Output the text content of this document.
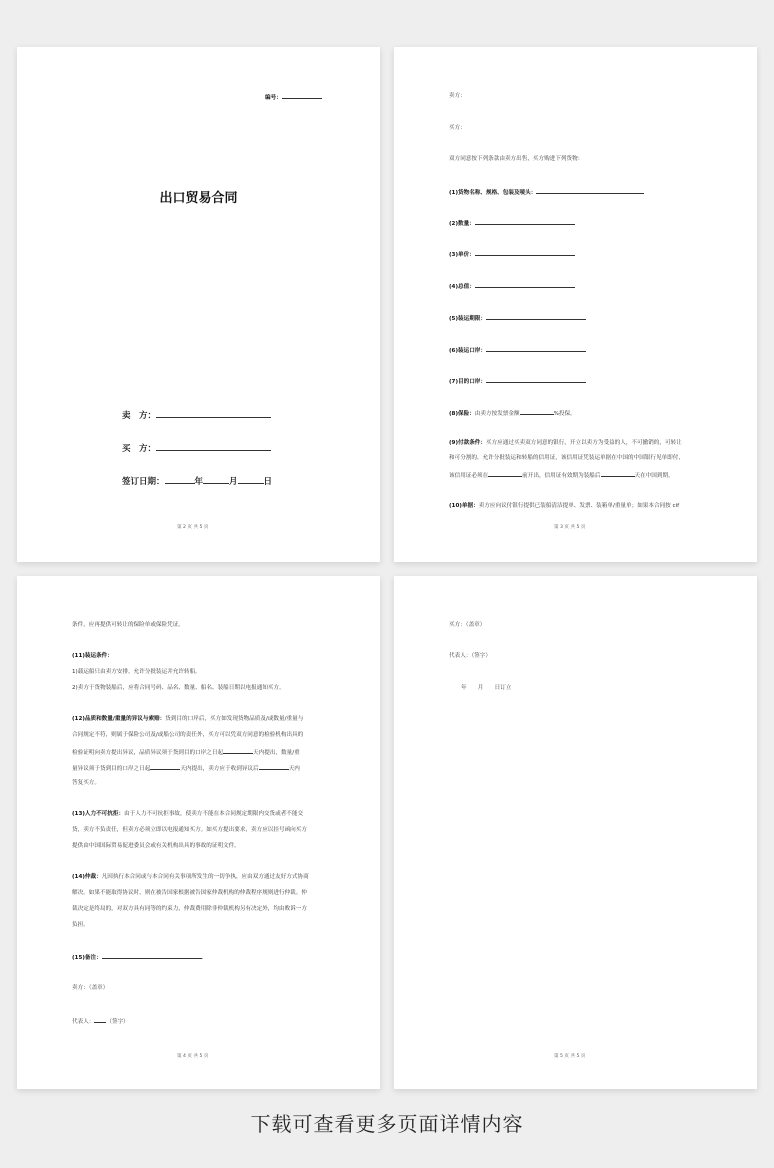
编号：
出口贸易合同
卖　方：
买　方：
签订日期：	年	月	日
第 2 页 共 5 页
卖方：
买方：
双方同意按下列条款由卖方出售，买方购进下列货物：
(1)货物名称、规格、包装及唛头：
(2)数量：
(3)单价：
(4)总值：
(5)装运期限：
(6)装运口岸：
(7)目的口岸：
(8)保险：由卖方按发票金额	%投保。
(9)付款条件：买方应通过买卖双方同意的银行，开立以卖方为受益的人，不可撤销的，可转让
和可分割的，允许分批装运和转船的信用证，该信用证凭装运单据在中国的中国银行见单即付，
该信用证必须在	前开出，信用证有效期为装船后	天在中国到期。
(10)单据：卖方应向议付银行提供已装船清洁提单、发票、装箱单/重量单；如果本合同按 cif
第 3 页 共 5 页
条件，应再提供可转让的保险单或保险凭证。
(11)装运条件：
1)载运船只由卖方安排，允许分批装运并允许转船。
2)卖方于货物装船后，应将合同号码、品名、数量、船名、装船日期以电报通知买方。
(12)品质和数量/重量的异议与索赔：货到目的口岸后，买方如发现货物品质及/或数量/重量与
合同规定不符，则属于保险公司及/或船公司的责任外，买方可以凭双方同意的检验机构出具的
检验证明向卖方提出异议，品质异议须于货到目的口岸之日起	天内提出，数量/重
量异议须于货到目的口岸之日起	天内提出，卖方应于收到异议后	天内
答复买方。
(13)人力不可抗拒：由于人力不可抗拒事故，使卖方不能在本合同规定期限内交货或者不能交
货，卖方不负责任，但卖方必须立即以电报通知买方。如买方提出要求，卖方应以挂号函向买方
提供由中国国际贸易促进委员会或有关机构出具的事故的证明文件。
(14)仲裁：凡因执行本合同或与本合同有关事项所发生的一切争执，应由双方通过友好方式协商
解决。如果不能取得协议时，则在被告国家根据被告国家仲裁机构的仲裁程序规则进行仲裁。仲
裁决定是终局的，对双方具有同等的约束力，仲裁费用除非仲裁机构另有决定外，均由败诉一方
负担。
(15)备注：	.
卖方：（盖章）
代表人： （签字）
第 4 页 共 5 页
买方：（盖章）
代表人：（签字）
年　　月　　日订立
第 5 页 共 5 页
下载可查看更多页面详情内容
